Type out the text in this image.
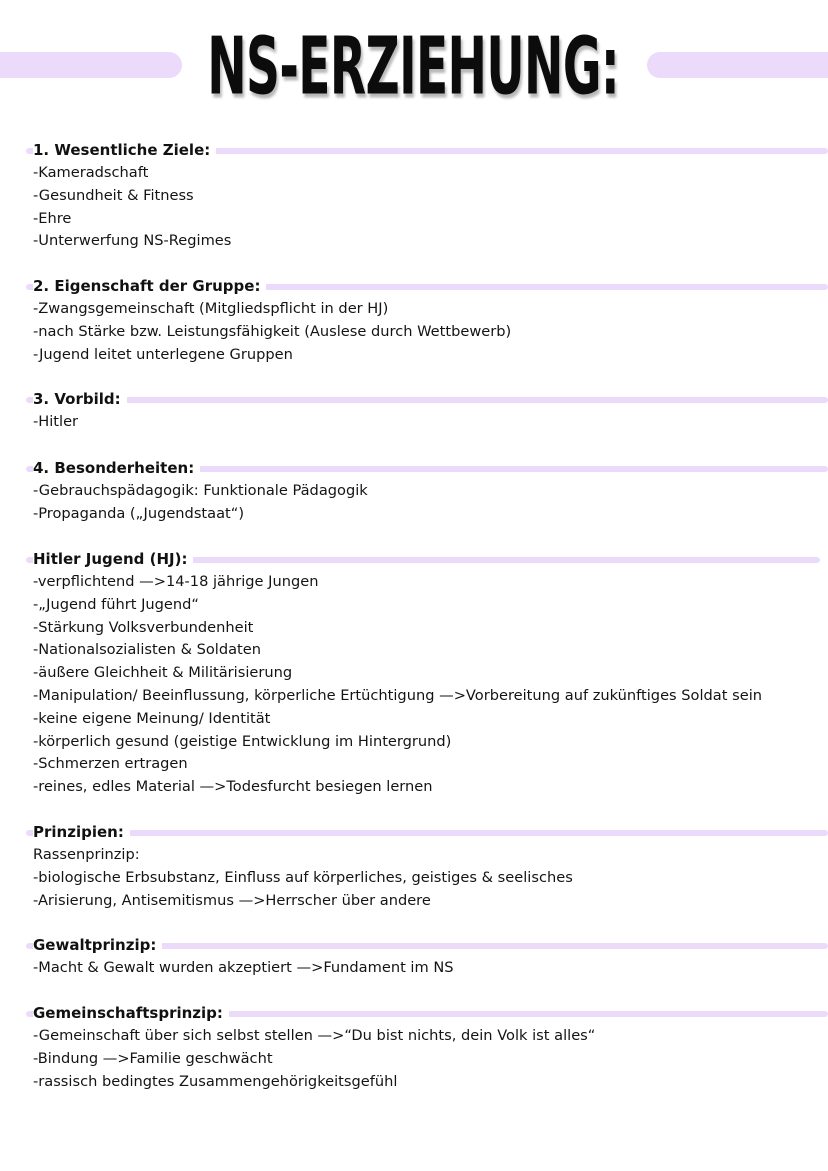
NS-ERZIEHUNG:
1. Wesentliche Ziele:
-Kameradschaft
-Gesundheit & Fitness
-Ehre
-Unterwerfung NS-Regimes
2. Eigenschaft der Gruppe:
-Zwangsgemeinschaft (Mitgliedspflicht in der HJ)
-nach Stärke bzw. Leistungsfähigkeit (Auslese durch Wettbewerb)
-Jugend leitet unterlegene Gruppen
3. Vorbild:
-Hitler
4. Besonderheiten:
-Gebrauchspädagogik: Funktionale Pädagogik
-Propaganda („Jugendstaat“)
Hitler Jugend (HJ):
-verpflichtend —>14-18 jährige Jungen
-„Jugend führt Jugend“
-Stärkung Volksverbundenheit
-Nationalsozialisten & Soldaten
-äußere Gleichheit & Militärisierung
-Manipulation/ Beeinflussung, körperliche Ertüchtigung —>Vorbereitung auf zukünftiges Soldat sein
-keine eigene Meinung/ Identität
-körperlich gesund (geistige Entwicklung im Hintergrund)
-Schmerzen ertragen
-reines, edles Material —>Todesfurcht besiegen lernen
Prinzipien:
Rassenprinzip:
-biologische Erbsubstanz, Einfluss auf körperliches, geistiges & seelisches
-Arisierung, Antisemitismus —>Herrscher über andere
Gewaltprinzip:
-Macht & Gewalt wurden akzeptiert —>Fundament im NS
Gemeinschaftsprinzip:
-Gemeinschaft über sich selbst stellen —>“Du bist nichts, dein Volk ist alles“
-Bindung —>Familie geschwächt
-rassisch bedingtes Zusammengehörigkeitsgefühl
